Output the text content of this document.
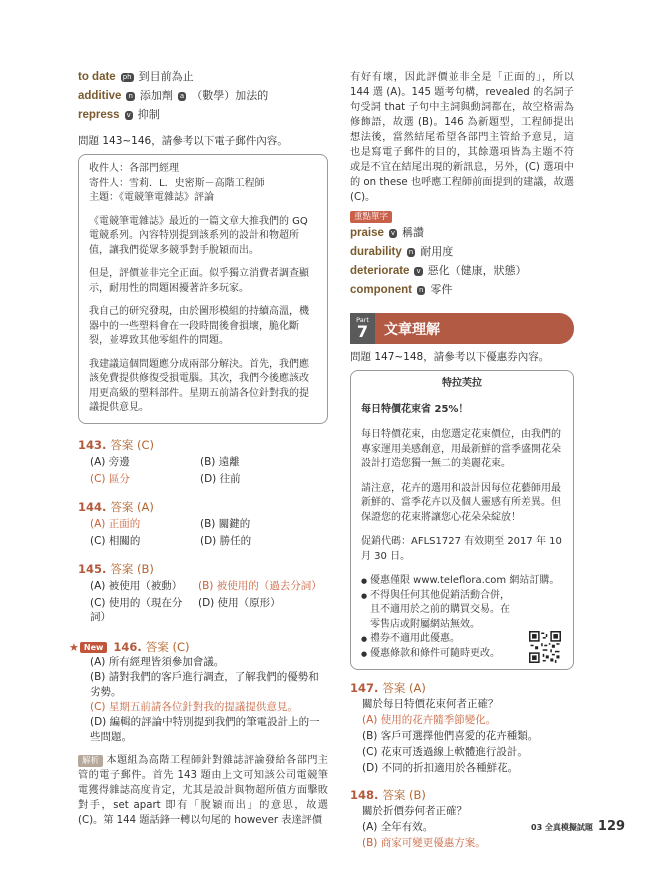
to date ph 到目前為止
additive n 添加劑 a （數學）加法的
repress v 抑制
問題 143~146，請參考以下電子郵件內容。
收件人：各部門經理
寄件人：雪莉．L．史密斯－高階工程師
主題：《電競筆電雜誌》評論

《電競筆電雜誌》最近的一篇文章大推我們的 GQ 電競系列。內容特別提到該系列的設計和物超所值，讓我們從眾多競爭對手脫穎而出。

但是，評價並非完全正面。似乎獨立消費者調查顯示，耐用性的問題困擾著許多玩家。

我自己的研究發現，由於圖形模組的持續高溫，機器中的一些塑料會在一段時間後會損壞，脆化斷裂，並導致其他零組件的問題。

我建議這個問題應分成兩部分解決。首先，我們應該免費提供修復受損電腦。其次，我們今後應該改用更高級的塑料部件。星期五前請各位針對我的提議提供意見。

143. 答案 (C)
(A) 旁邊	(B) 遠離
(C) 區分	(D) 往前
144. 答案 (A)
(A) 正面的	(B) 關鍵的
(C) 相關的	(D) 勝任的
145. 答案 (B)
(A) 被使用（被動）	(B) 被使用的（過去分詞）
(C) 使用的（現在分詞）
(D) 使用（原形）
★ New 146. 答案 (C)
(A) 所有經理皆須參加會議。
(B) 請對我們的客戶進行調查，了解我們的優勢和劣勢。
(C) 星期五前請各位針對我的提議提供意見。
(D) 編輯的評論中特別提到我們的筆電設計上的一些問題。
解析 本題組為高階工程師針對雜誌評論發給各部門主管的電子郵件。首先 143 題由上文可知該公司電競筆電獲得雜誌高度肯定，尤其是設計與物超所值方面擊敗對手，set apart 即有「脫穎而出」的意思，故選 (C)。第 144 題話鋒一轉以句尾的 however 表達評價
有好有壞，因此評價並非全是「正面的」，所以 144 選 (A)。145 題考句構，revealed 的名詞子句受詞 that 子句中主詞與動詞都在，故空格需為修飾語，故選 (B)。146 為新題型，工程師提出想法後，當然結尾希望各部門主管給予意見，這也是寫電子郵件的目的，其餘選項皆為主題不符或是不宜在結尾出現的新訊息，另外，(C) 選項中的 on these 也呼應工程師前面提到的建議，故選 (C)。
重點單字
praise v 稱讚
durability n 耐用度
deteriorate v 惡化（健康，狀態）
component n 零件
Part
7 文章理解
問題 147~148，請參考以下優惠券內容。
特拉芙拉
每日特價花束省 25%！

每日特價花束，由您選定花束價位，由我們的專家運用美感創意，用最新鮮的當季盛開花朵設計打造您獨一無二的美麗花束。

請注意，花卉的選用和設計因每位花藝師用最新鮮的、當季花卉以及個人靈感有所差異。但保證您的花束將讓您心花朵朵綻放！

促銷代碼：AFLS1727 有效期至 2017 年 10 月 30 日。

● 優惠僅限 www.teleflora.com 網站訂購。
● 不得與任何其他促銷活動合併，且不適用於之前的購買交易。在零售店或附屬網站無效。
● 禮券不適用此優惠。
● 優惠條款和條件可隨時更改。
147. 答案 (A)
關於每日特價花束何者正確？
(A) 使用的花卉隨季節變化。
(B) 客戶可選擇他們喜愛的花卉種類。
(C) 花束可透過線上軟體進行設計。
(D) 不同的折扣適用於各種鮮花。
148. 答案 (B)
關於折價券何者正確？
(A) 全年有效。
(B) 商家可變更優惠方案。
03 全真模擬試題 129
